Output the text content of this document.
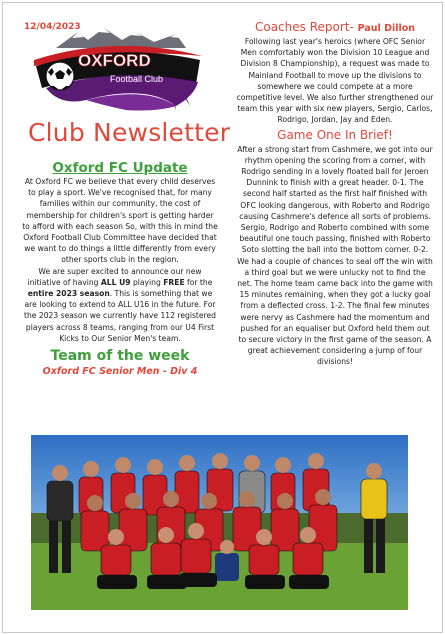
12/04/2023
OXFORD
Football Club
Club Newsletter
Oxford FC Update

At Oxford FC we believe that every child deserves to play a sport. We've recognised that, for many families within our community, the cost of membership for children's sport is getting harder to afford with each season So, with this in mind the Oxford Football Club Committee have decided that we want to do things a little differently from every other sports club in the region.

We are super excited to announce our new initiative of having ALL U9 playing FREE for the entire 2023 season. This is something that we are looking to extend to ALL U16 in the future. For the 2023 season we currently have 112 registered players across 8 teams, ranging from our U4 First Kicks to Our Senior Men's team.

Team of the week
Oxford FC Senior Men - Div 4
Coaches Report- Paul Dillon

Following last year's heroics (where OFC Senior Men comfortably won the Division 10 League and Division 8 Championship), a request was made to Mainland Football to move up the divisions to somewhere we could compete at a more competitive level. We also further strengthened our team this year with six new players, Sergio, Carlos, Rodrigo, Jordan, Jay and Eden.

Game One In Brief!

After a strong start from Cashmere, we got into our rhythm opening the scoring from a corner, with Rodrigo sending in a lovely floated ball for Jeroen Dunnink to finish with a great header. 0-1. The second half started as the first half finished with OFC looking dangerous, with Roberto and Rodrigo causing Cashmere's defence all sorts of problems. Sergio, Rodrigo and Roberto combined with some beautiful one touch passing, finished with Roberto Soto slotting the ball into the bottom corner. 0-2. We had a couple of chances to seal off the win with a third goal but we were unlucky not to find the net. The home team came back into the game with 15 minutes remaining, when they got a lucky goal from a deflected cross. 1-2. The final few minutes were nervy as Cashmere had the momentum and pushed for an equaliser but Oxford held them out to secure victory in the first game of the season. A great achievement considering a jump of four divisions!
